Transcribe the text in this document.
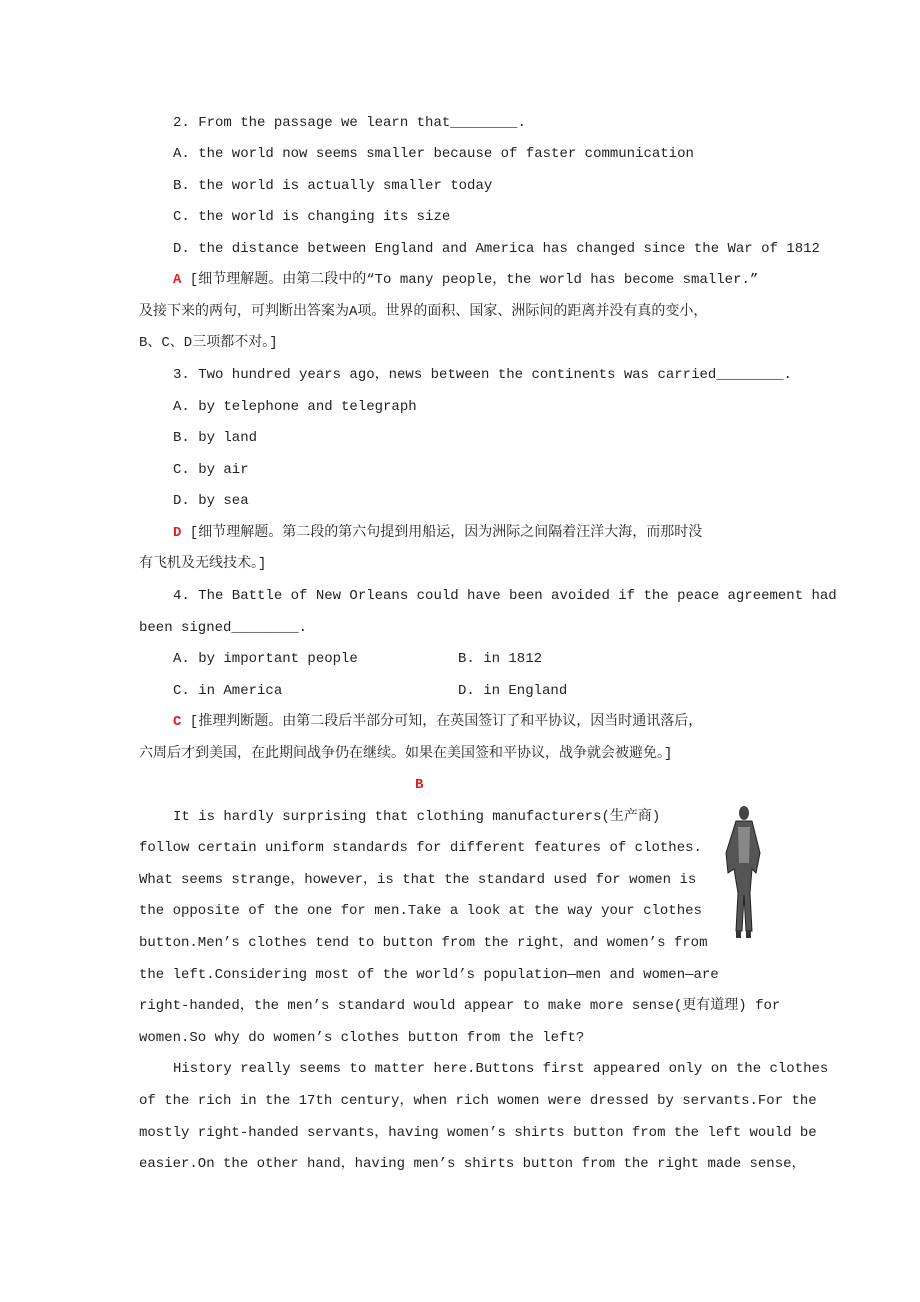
2. From the passage we learn that________.
A. the world now seems smaller because of faster communication
B. the world is actually smaller today
C. the world is changing its size
D. the distance between England and America has changed since the War of 1812
A [细节理解题。由第二段中的“To many people，the world has become smaller.”
及接下来的两句，可判断出答案为A项。世界的面积、国家、洲际间的距离并没有真的变小，
B、C、D三项都不对。]
3. Two hundred years ago，news between the continents was carried________.
A. by telephone and telegraph
B. by land
C. by air
D. by sea
D [细节理解题。第二段的第六句提到用船运，因为洲际之间隔着汪洋大海，而那时没
有飞机及无线技术。]
4. The Battle of New Orleans could have been avoided if the peace agreement had
been signed________.
A. by important people	B. in 1812
C. in America	D. in England
C [推理判断题。由第二段后半部分可知，在英国签订了和平协议，因当时通讯落后，
六周后才到美国，在此期间战争仍在继续。如果在美国签和平协议，战争就会被避免。]
B
It is hardly surprising that clothing manufacturers(生产商)
follow certain uniform standards for different features of clothes.
What seems strange，however，is that the standard used for women is
the opposite of the one for men.Take a look at the way your clothes
button.Men’s clothes tend to button from the right，and women’s from
the left.Considering most of the world’s population—men and women—are
right-handed，the men’s standard would appear to make more sense(更有道理) for
women.So why do women’s clothes button from the left?
History really seems to matter here.Buttons first appeared only on the clothes
of the rich in the 17th century，when rich women were dressed by servants.For the
mostly right-handed servants，having women’s shirts button from the left would be
easier.On the other hand，having men’s shirts button from the right made sense，
